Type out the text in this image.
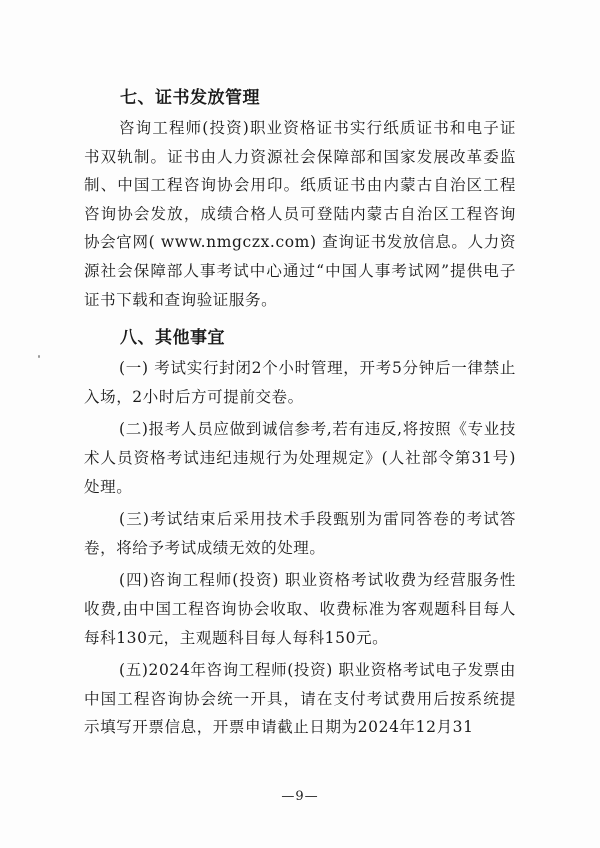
七、证书发放管理

咨询工程师(投资)职业资格证书实行纸质证书和电子证书双轨制。证书由人力资源社会保障部和国家发展改革委监制、中国工程咨询协会用印。纸质证书由内蒙古自治区工程咨询协会发放，成绩合格人员可登陆内蒙古自治区工程咨询协会官网( www.nmgczx.com) 查询证书发放信息。人力资源社会保障部人事考试中心通过“中国人事考试网”提供电子证书下载和查询验证服务。

八、其他事宜

(一) 考试实行封闭2个小时管理，开考5分钟后一律禁止入场，2小时后方可提前交卷。

(二)报考人员应做到诚信参考,若有违反,将按照《专业技术人员资格考试违纪违规行为处理规定》(人社部令第31号)处理。

(三)考试结束后采用技术手段甄别为雷同答卷的考试答卷，将给予考试成绩无效的处理。

(四)咨询工程师(投资) 职业资格考试收费为经营服务性收费,由中国工程咨询协会收取、收费标准为客观题科目每人每科130元，主观题科目每人每科150元。

(五)2024年咨询工程师(投资) 职业资格考试电子发票由中国工程咨询协会统一开具，请在支付考试费用后按系统提示填写开票信息，开票申请截止日期为2024年12月31

—9—
